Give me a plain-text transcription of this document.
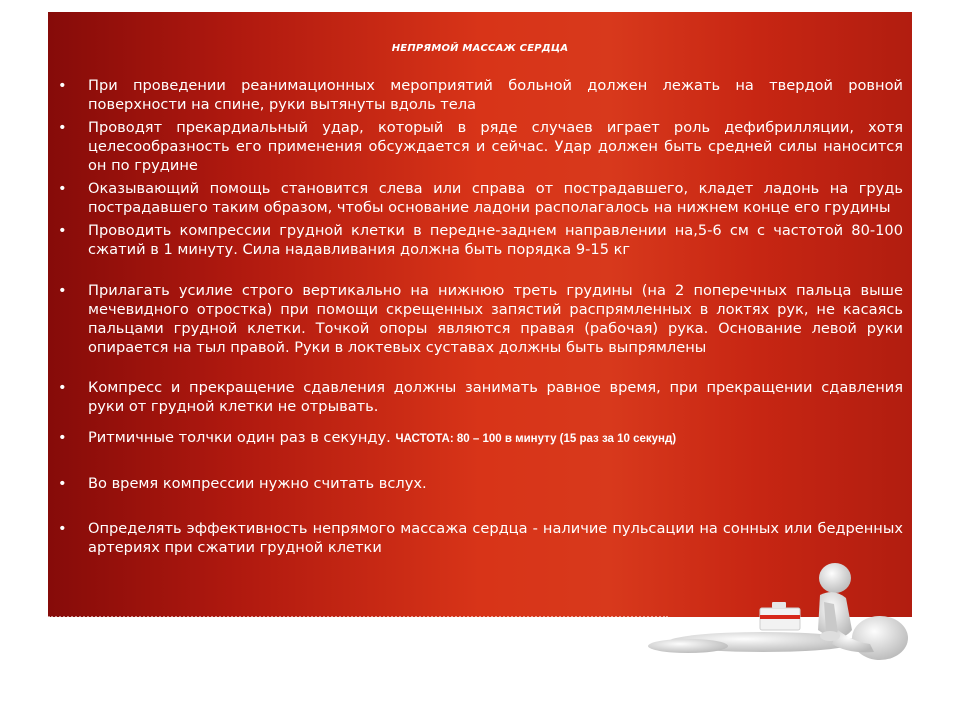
НЕПРЯМОЙ МАССАЖ СЕРДЦА
•	При проведении реанимационных мероприятий больной должен лежать на твердой ровной поверхности на спине, руки вытянуты вдоль тела
•	Проводят прекардиальный удар, который в ряде случаев играет роль дефибрилляции, хотя целесообразность его применения обсуждается и сейчас. Удар должен быть средней силы наносится он по грудине
•	Оказывающий помощь становится слева или справа от пострадавшего, кладет ладонь на грудь пострадавшего таким образом, чтобы основание ладони располагалось на нижнем конце его грудины
•	Проводить компрессии грудной клетки в передне-заднем направлении на,5-6 см с частотой 80-100 сжатий в 1 минуту. Сила надавливания должна быть порядка 9-15 кг
•	Прилагать усилие строго вертикально на нижнюю треть грудины (на 2 поперечных пальца выше мечевидного отростка) при помощи скрещенных запястий распрямленных в локтях рук, не касаясь пальцами грудной клетки. Точкой опоры являются правая (рабочая) рука. Основание левой руки опирается на тыл правой. Руки в локтевых суставах должны быть выпрямлены
•	Компресс и прекращение сдавления должны занимать равное время, при прекращении сдавления руки от грудной клетки не отрывать.
•	Ритмичные толчки один раз в секунду. ЧАСТОТА: 80 – 100 в минуту (15 раз за 10 секунд)
•	Во время компрессии нужно считать вслух.
•	Определять эффективность непрямого массажа сердца - наличие пульсации на сонных или бедренных артериях при сжатии грудной клетки
